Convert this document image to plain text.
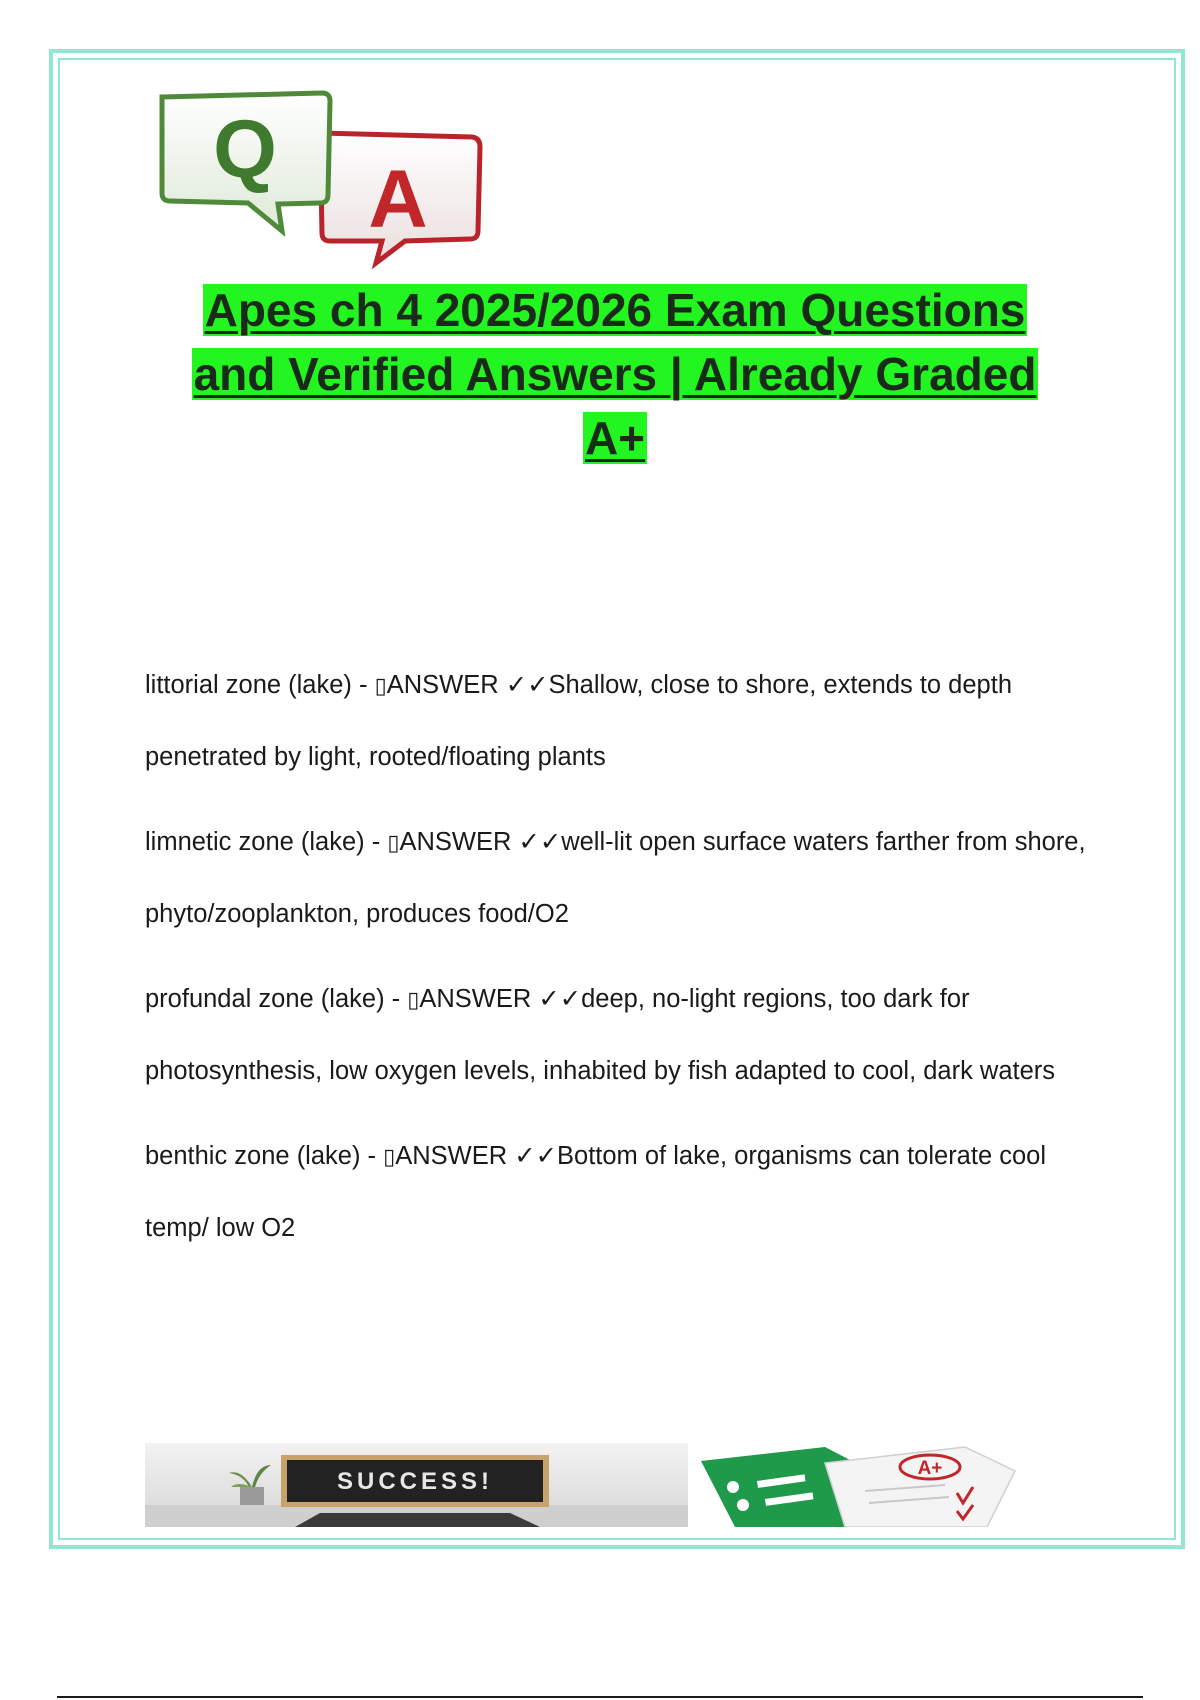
A
Q
Apes ch 4 2025/2026 Exam Questions
and Verified Answers | Already Graded
A+
littorial zone (lake) - ▯ANSWER ✓✓Shallow, close to shore, extends to depth penetrated by light, rooted/floating plants
limnetic zone (lake) - ▯ANSWER ✓✓well-lit open surface waters farther from shore, phyto/zooplankton, produces food/O2
profundal zone (lake) - ▯ANSWER ✓✓deep, no-light regions, too dark for photosynthesis, low oxygen levels, inhabited by fish adapted to cool, dark waters
benthic zone (lake) - ▯ANSWER ✓✓Bottom of lake, organisms can tolerate cool temp/ low O2
SUCCESS!	A+
